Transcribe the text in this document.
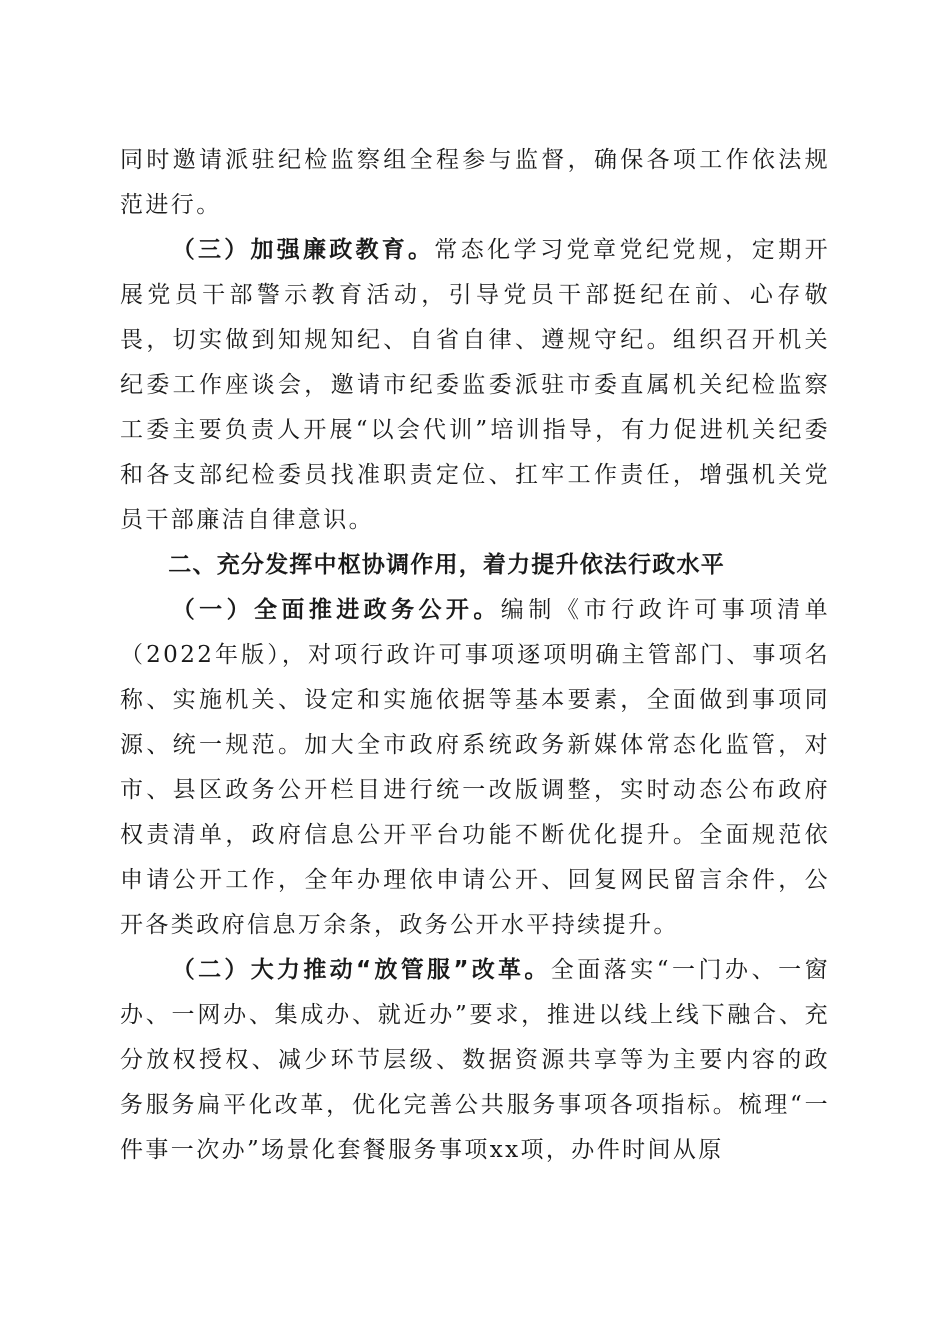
同时邀请派驻纪检监察组全程参与监督，确保各项工作依法规范进行。

（三）加强廉政教育。常态化学习党章党纪党规，定期开展党员干部警示教育活动，引导党员干部挺纪在前、心存敬畏，切实做到知规知纪、自省自律、遵规守纪。组织召开机关纪委工作座谈会，邀请市纪委监委派驻市委直属机关纪检监察工委主要负责人开展“以会代训”培训指导，有力促进机关纪委和各支部纪检委员找准职责定位、扛牢工作责任，增强机关党员干部廉洁自律意识。

二、充分发挥中枢协调作用，着力提升依法行政水平

（一）全面推进政务公开。编制《市行政许可事项清单（2022年版），对项行政许可事项逐项明确主管部门、事项名称、实施机关、设定和实施依据等基本要素，全面做到事项同源、统一规范。加大全市政府系统政务新媒体常态化监管，对市、县区政务公开栏目进行统一改版调整，实时动态公布政府权责清单，政府信息公开平台功能不断优化提升。全面规范依申请公开工作，全年办理依申请公开、回复网民留言余件，公开各类政府信息万余条，政务公开水平持续提升。

（二）大力推动“放管服”改革。全面落实“一门办、一窗办、一网办、集成办、就近办”要求，推进以线上线下融合、充分放权授权、减少环节层级、数据资源共享等为主要内容的政务服务扁平化改革，优化完善公共服务事项各项指标。梳理“一件事一次办”场景化套餐服务事项xx项，办件时间从原
